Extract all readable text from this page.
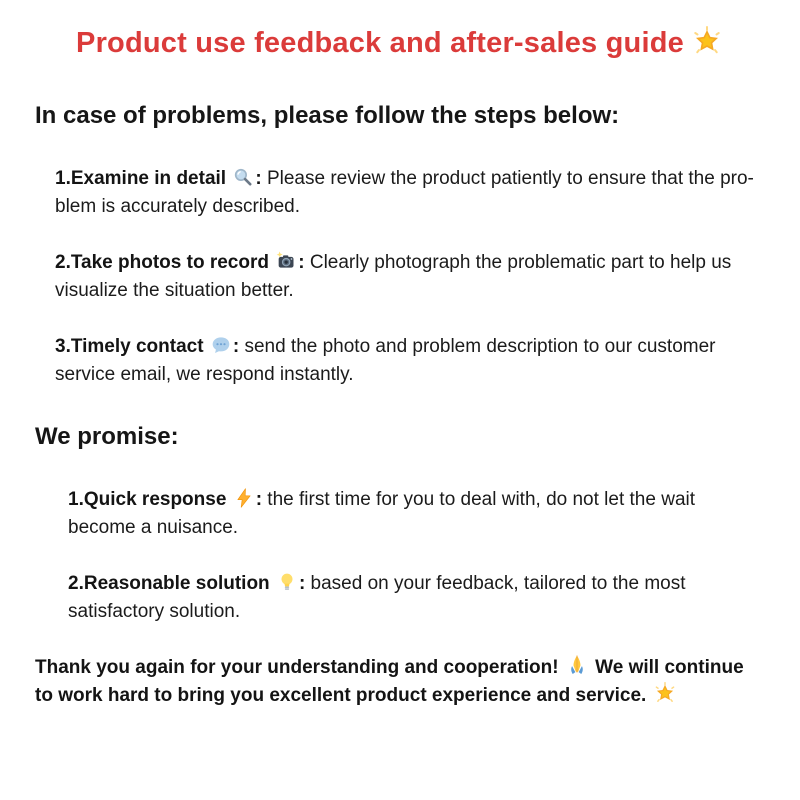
Product use feedback and after-sales guide
In case of problems, please follow the steps below:

1.Examine in detail : Please review the product patiently to ensure that the pro-blem is accurately described.

2.Take photos to record : Clearly photograph the problematic part to help us visualize the situation better.

3.Timely contact : send the photo and problem description to our customer service email, we respond instantly.

We promise:

1.Quick response : the first time for you to deal with, do not let the wait become a nuisance.

2.Reasonable solution : based on your feedback, tailored to the most satisfactory solution.

Thank you again for your understanding and cooperation! We will continue to work hard to bring you excellent product experience and service.
